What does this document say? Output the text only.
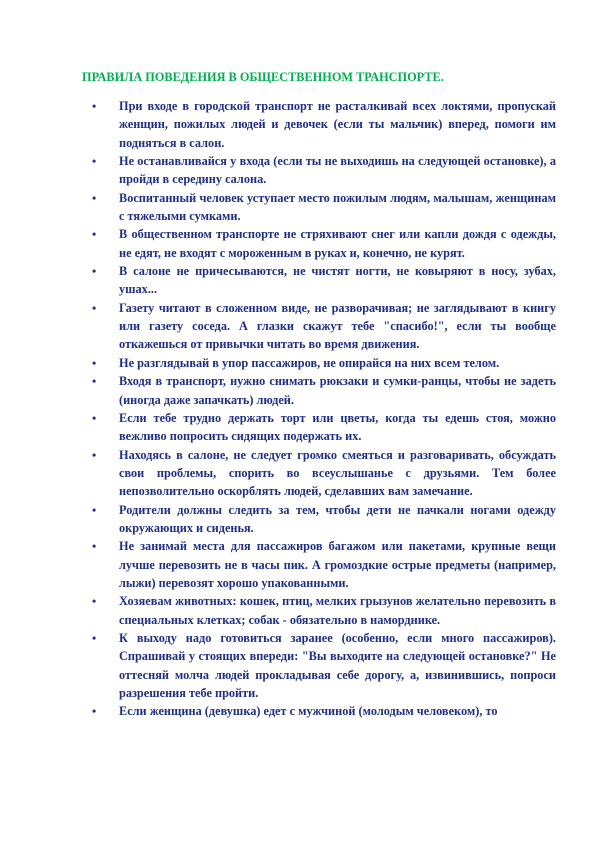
ПРАВИЛА ПОВЕДЕНИЯ В ОБЩЕСТВЕННОМ ТРАНСПОРТЕ.
• При входе в городской транспорт не расталкивай всех локтями, пропускай женщин, пожилых людей и девочек (если ты мальчик) вперед, помоги им подняться в салон.
• Не останавливайся у входа (если ты не выходишь на следующей остановке), а пройди в середину салона.
• Воспитанный человек уступает место пожилым людям, малышам, женщинам с тяжелыми сумками.
• В общественном транспорте не стряхивают снег или капли дождя с одежды, не едят, не входят с мороженным в руках и, конечно, не курят.
• В салоне не причесываются, не чистят ногти, не ковыряют в носу, зубах, ушах...
• Газету читают в сложенном виде, не разворачивая; не заглядывают в книгу или газету соседа. А глазки скажут тебе "спасибо!", если ты вообще откажешься от привычки читать во время движения.
• Не разглядывай в упор пассажиров, не опирайся на них всем телом.
• Входя в транспорт, нужно снимать рюкзаки и сумки-ранцы, чтобы не задеть (иногда даже запачкать) людей.
• Если тебе трудно держать торт или цветы, когда ты едешь стоя, можно вежливо попросить сидящих подержать их.
• Находясь в салоне, не следует громко смеяться и разговаривать, обсуждать свои проблемы, спорить во всеуслышанье с друзьями. Тем более непозволительно оскорблять людей, сделавших вам замечание.
• Родители должны следить за тем, чтобы дети не пачкали ногами одежду окружающих и сиденья.
• Не занимай места для пассажиров багажом или пакетами, крупные вещи лучше перевозить не в часы пик. А громоздкие острые предметы (например, лыжи) перевозят хорошо упакованными.
• Хозяевам животных: кошек, птиц, мелких грызунов желательно перевозить в специальных клетках; собак - обязательно в наморднике.
• К выходу надо готовиться заранее (особенно, если много пассажиров). Спрашивай у стоящих впереди: "Вы выходите на следующей остановке?" Не оттесняй молча людей прокладывая себе дорогу, а, извинившись, попроси разрешения тебе пройти.
• Если женщина (девушка) едет с мужчиной (молодым человеком), то
